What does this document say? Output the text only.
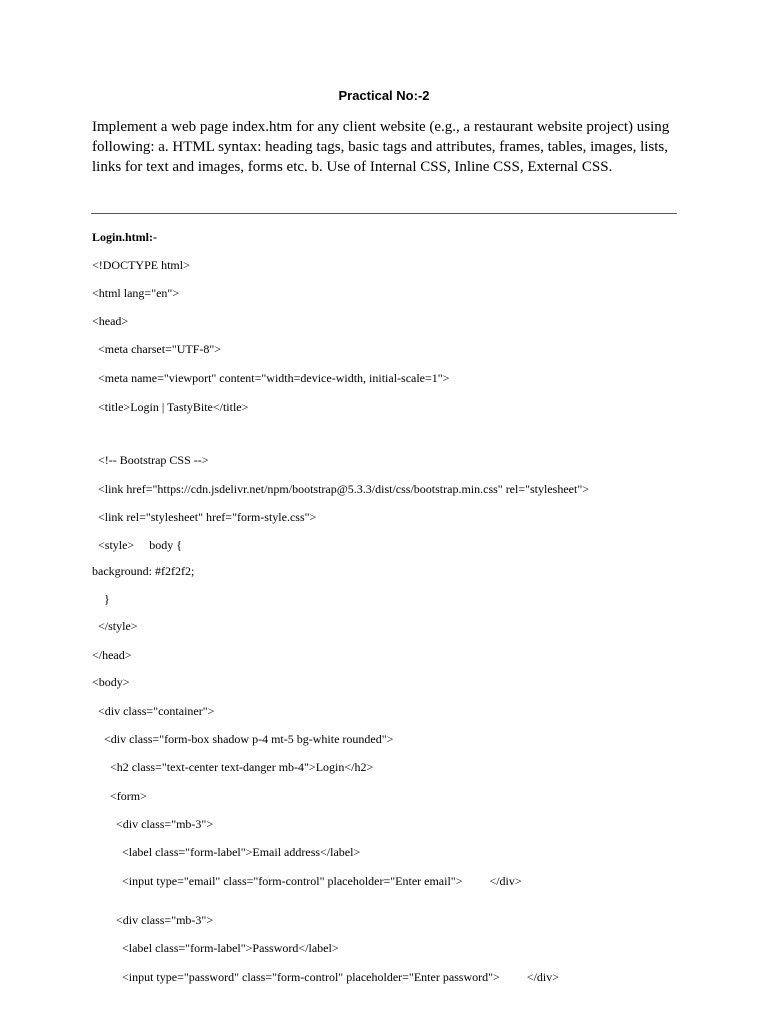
Practical No:-2
Implement a web page index.htm for any client website (e.g., a restaurant website project) using following: a. HTML syntax: heading tags, basic tags and attributes, frames, tables, images, lists, links for text and images, forms etc. b. Use of Internal CSS, Inline CSS, External CSS.
Login.html:-
<!DOCTYPE html>
<html lang="en">
<head>
<meta charset="UTF-8">
<meta name="viewport" content="width=device-width, initial-scale=1">
<title>Login | TastyBite</title>
<!-- Bootstrap CSS -->
<link href="https://cdn.jsdelivr.net/npm/bootstrap@5.3.3/dist/css/bootstrap.min.css" rel="stylesheet">
<link rel="stylesheet" href="form-style.css">
<style>     body {
background: #f2f2f2;
}
</style>
</head>
<body>
<div class="container">
<div class="form-box shadow p-4 mt-5 bg-white rounded">
<h2 class="text-center text-danger mb-4">Login</h2>
<form>
<div class="mb-3">
<label class="form-label">Email address</label>
<input type="email" class="form-control" placeholder="Enter email">         </div>
<div class="mb-3">
<label class="form-label">Password</label>
<input type="password" class="form-control" placeholder="Enter password">         </div>
